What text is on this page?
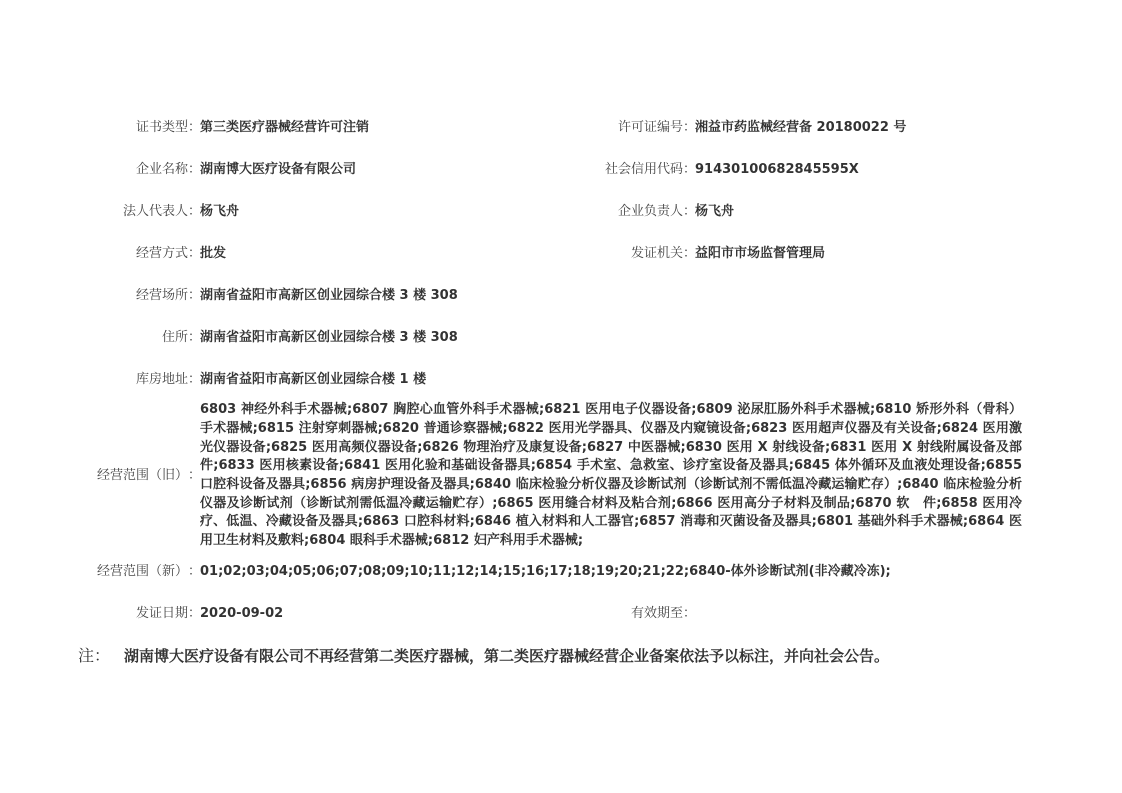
证书类型 ：
第三类医疗器械经营许可注销
企业名称 ：
湖南博大医疗设备有限公司
法人代表人 ：
杨飞舟
经营方式 ：
批发
经营场所 ：
湖南省益阳市高新区创业园综合楼 3 楼 308
住所 ：
湖南省益阳市高新区创业园综合楼 3 楼 308
库房地址 ：
湖南省益阳市高新区创业园综合楼 1 楼
经营范围（旧） ：
6803 神经外科手术器械;6807 胸腔心血管外科手术器械;6821 医用电子仪器设备;6809 泌尿肛肠外科手术器械;6810 矫形外科（骨科）手术器械;6815 注射穿刺器械;6820 普通诊察器械;6822 医用光学器具、仪器及内窥镜设备;6823 医用超声仪器及有关设备;6824 医用激光仪器设备;6825 医用高频仪器设备;6826 物理治疗及康复设备;6827 中医器械;6830 医用 X 射线设备;6831 医用 X 射线附属设备及部件;6833 医用核素设备;6841 医用化验和基础设备器具;6854 手术室、急救室、诊疗室设备及器具;6845 体外循环及血液处理设备;6855 口腔科设备及器具;6856 病房护理设备及器具;6840 临床检验分析仪器及诊断试剂（诊断试剂不需低温冷藏运输贮存）;6840 临床检验分析仪器及诊断试剂（诊断试剂需低温冷藏运输贮存）;6865 医用缝合材料及粘合剂;6866 医用高分子材料及制品;6870 软　件;6858 医用冷疗、低温、冷藏设备及器具;6863 口腔科材料;6846 植入材料和人工器官;6857 消毒和灭菌设备及器具;6801 基础外科手术器械;6864 医用卫生材料及敷料;6804 眼科手术器械;6812 妇产科用手术器械;
经营范围（新） ：
01;02;03;04;05;06;07;08;09;10;11;12;14;15;16;17;18;19;20;21;22;6840-体外诊断试剂(非冷藏冷冻);
发证日期 ：
2020-09-02
许可证编号 ：
湘益市药监械经营备 20180022 号
社会信用代码 ：
91430100682845595X
企业负责人 ：
杨飞舟
发证机关 ：
益阳市市场监督管理局
有效期至 ：
注： 湖南博大医疗设备有限公司不再经营第二类医疗器械，第二类医疗器械经营企业备案依法予以标注，并向社会公告。
